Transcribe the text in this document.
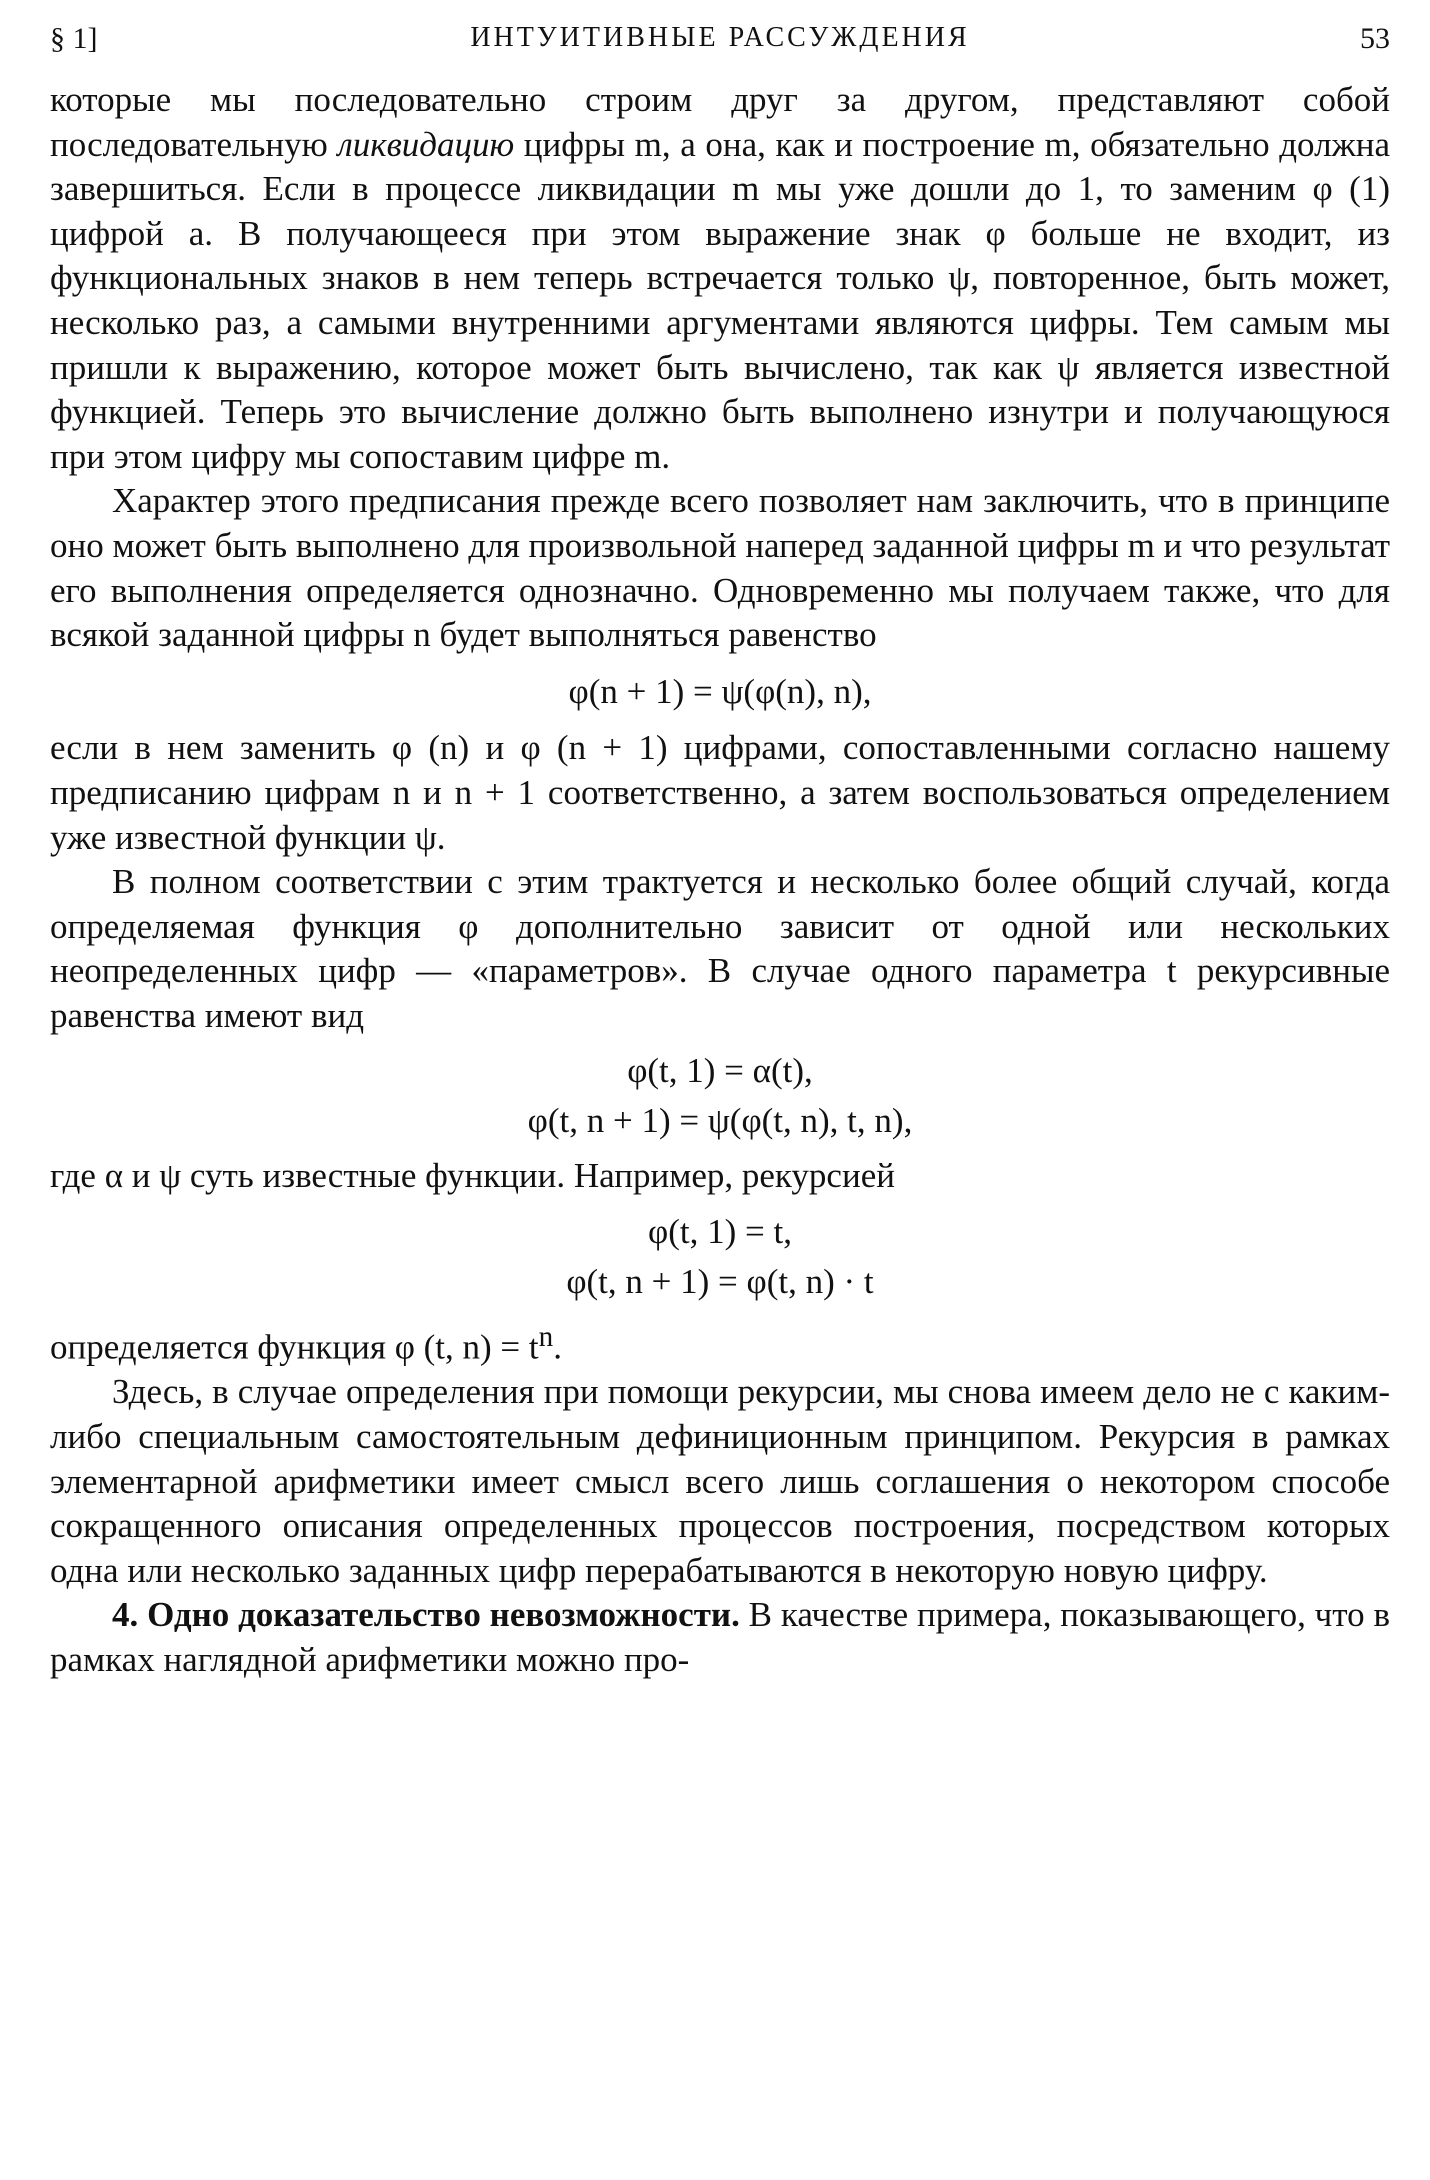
§ 1]	ИНТУИТИВНЫЕ РАССУЖДЕНИЯ	53

которые мы последовательно строим друг за другом, представляют собой последовательную ликвидацию цифры m, а она, как и построение m, обязательно должна завершиться. Если в процессе ликвидации m мы уже дошли до 1, то заменим φ (1) цифрой a. В получающееся при этом выражение знак φ больше не входит, из функциональных знаков в нем теперь встречается только ψ, повторенное, быть может, несколько раз, а самыми внутренними аргументами являются цифры. Тем самым мы пришли к выражению, которое может быть вычислено, так как ψ является известной функцией. Теперь это вычисление должно быть выполнено изнутри и получающуюся при этом цифру мы сопоставим цифре m.

Характер этого предписания прежде всего позволяет нам заключить, что в принципе оно может быть выполнено для произвольной наперед заданной цифры m и что результат его выполнения определяется однозначно. Одновременно мы получаем также, что для всякой заданной цифры n будет выполняться равенство

φ(n + 1) = ψ(φ(n), n),

если в нем заменить φ (n) и φ (n + 1) цифрами, сопоставленными согласно нашему предписанию цифрам n и n + 1 соответственно, а затем воспользоваться определением уже известной функции ψ.

В полном соответствии с этим трактуется и несколько более общий случай, когда определяемая функция φ дополнительно зависит от одной или нескольких неопределенных цифр — «параметров». В случае одного параметра t рекурсивные равенства имеют вид

φ(t, 1) = α(t),
φ(t, n + 1) = ψ(φ(t, n), t, n),

где α и ψ суть известные функции. Например, рекурсией

φ(t, 1) = t,
φ(t, n + 1) = φ(t, n) · t

определяется функция φ (t, $n) = t^n$.

Здесь, в случае определения при помощи рекурсии, мы снова имеем дело не с каким-либо специальным самостоятельным дефиниционным принципом. Рекурсия в рамках элементарной арифметики имеет смысл всего лишь соглашения о некотором способе сокращенного описания определенных процессов построения, посредством которых одна или несколько заданных цифр перерабатываются в некоторую новую цифру.

4. Одно доказательство невозможности. В качестве примера, показывающего, что в рамках наглядной арифметики можно про-
